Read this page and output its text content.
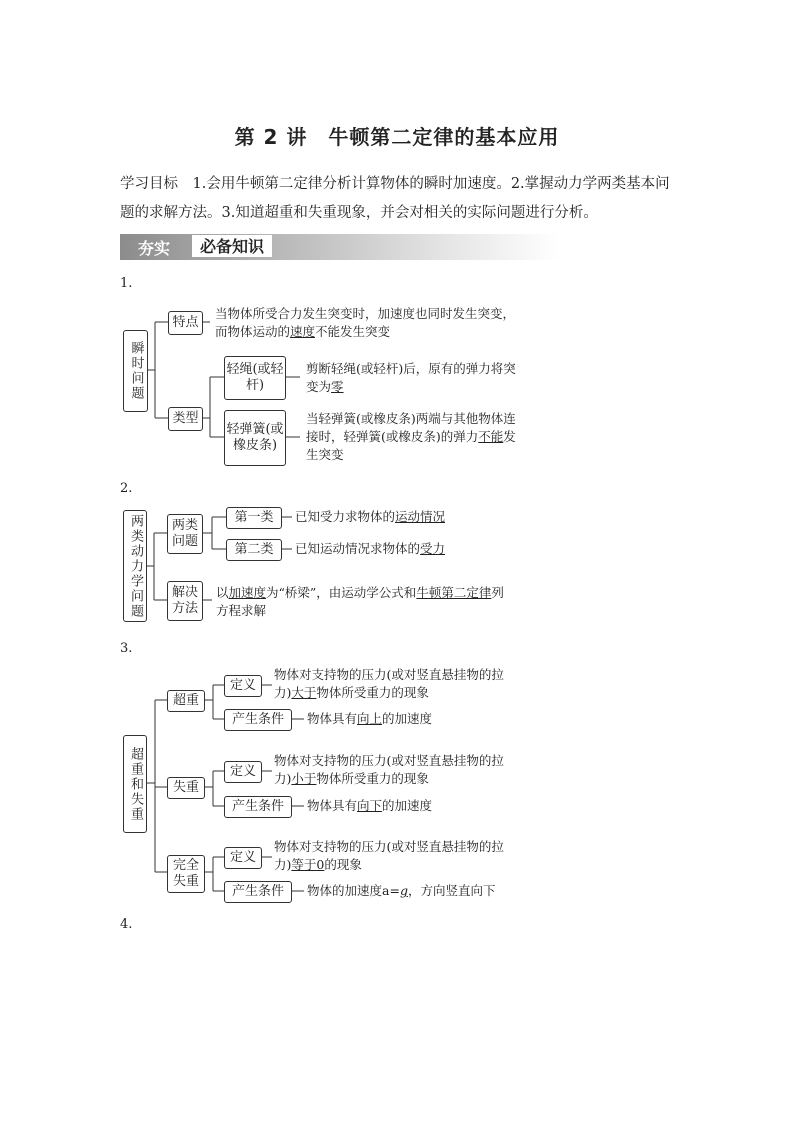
第 2 讲　牛顿第二定律的基本应用
学习目标　1.会用牛顿第二定律分析计算物体的瞬时加速度。2.掌握动力学两类基本问题的求解方法。3.知道超重和失重现象，并会对相关的实际问题进行分析。
夯实	必备知识
1.
瞬时问题
特点
当物体所受合力发生突变时，加速度也同时发生突变，而物体运动的速度不能发生突变
类型
轻绳(或轻杆)
剪断轻绳(或轻杆)后，原有的弹力将突变为零
轻弹簧(或橡皮条)
当轻弹簧(或橡皮条)两端与其他物体连接时，轻弹簧(或橡皮条)的弹力不能发生突变
2.
两类动力学问题	两类问题
第一类	已知受力求物体的运动情况
第二类	已知运动情况求物体的受力
解决方法
以加速度为“桥梁”，由运动学公式和牛顿第二定律列方程求解
3.
超重和失重
超重
定义
物体对支持物的压力(或对竖直悬挂物的拉力)大于物体所受重力的现象
产生条件	物体具有向上的加速度
失重
定义
物体对支持物的压力(或对竖直悬挂物的拉力)小于物体所受重力的现象
产生条件	物体具有向下的加速度
完全失重
定义
物体对支持物的压力(或对竖直悬挂物的拉力)等于0的现象
产生条件	物体的加速度a=g，方向竖直向下
4.
